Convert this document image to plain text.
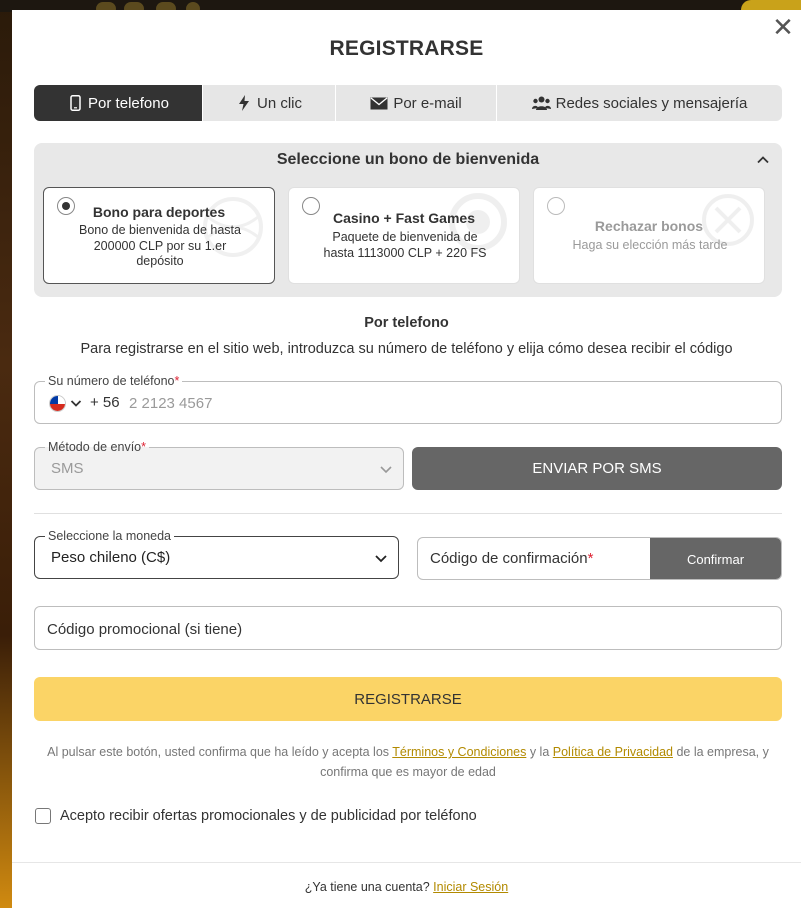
✕
REGISTRARSE
Por telefono	Un clic	Por e-mail	Redes sociales y mensajería
Seleccione un bono de bienvenida
Bono para deportes
Bono de bienvenida de hasta 200000 CLP por su 1.er depósito
Casino + Fast Games
Paquete de bienvenida de hasta 1113000 CLP + 220 FS
Rechazar bonos
Haga su elección más tarde
Por telefono
Para registrarse en el sitio web, introduzca su número de teléfono y elija cómo desea recibir el código
Su número de teléfono*
+ 56
2 2123 4567
Método de envío*
SMS	ENVIAR POR SMS
Seleccione la moneda
Peso chileno (C$)	Código de confirmación*	Confirmar
Código promocional (si tiene)
REGISTRARSE
Al pulsar este botón, usted confirma que ha leído y acepta los Términos y Condiciones y la Política de Privacidad de la empresa, y confirma que es mayor de edad
Acepto recibir ofertas promocionales y de publicidad por teléfono
¿Ya tiene una cuenta? Iniciar Sesión
